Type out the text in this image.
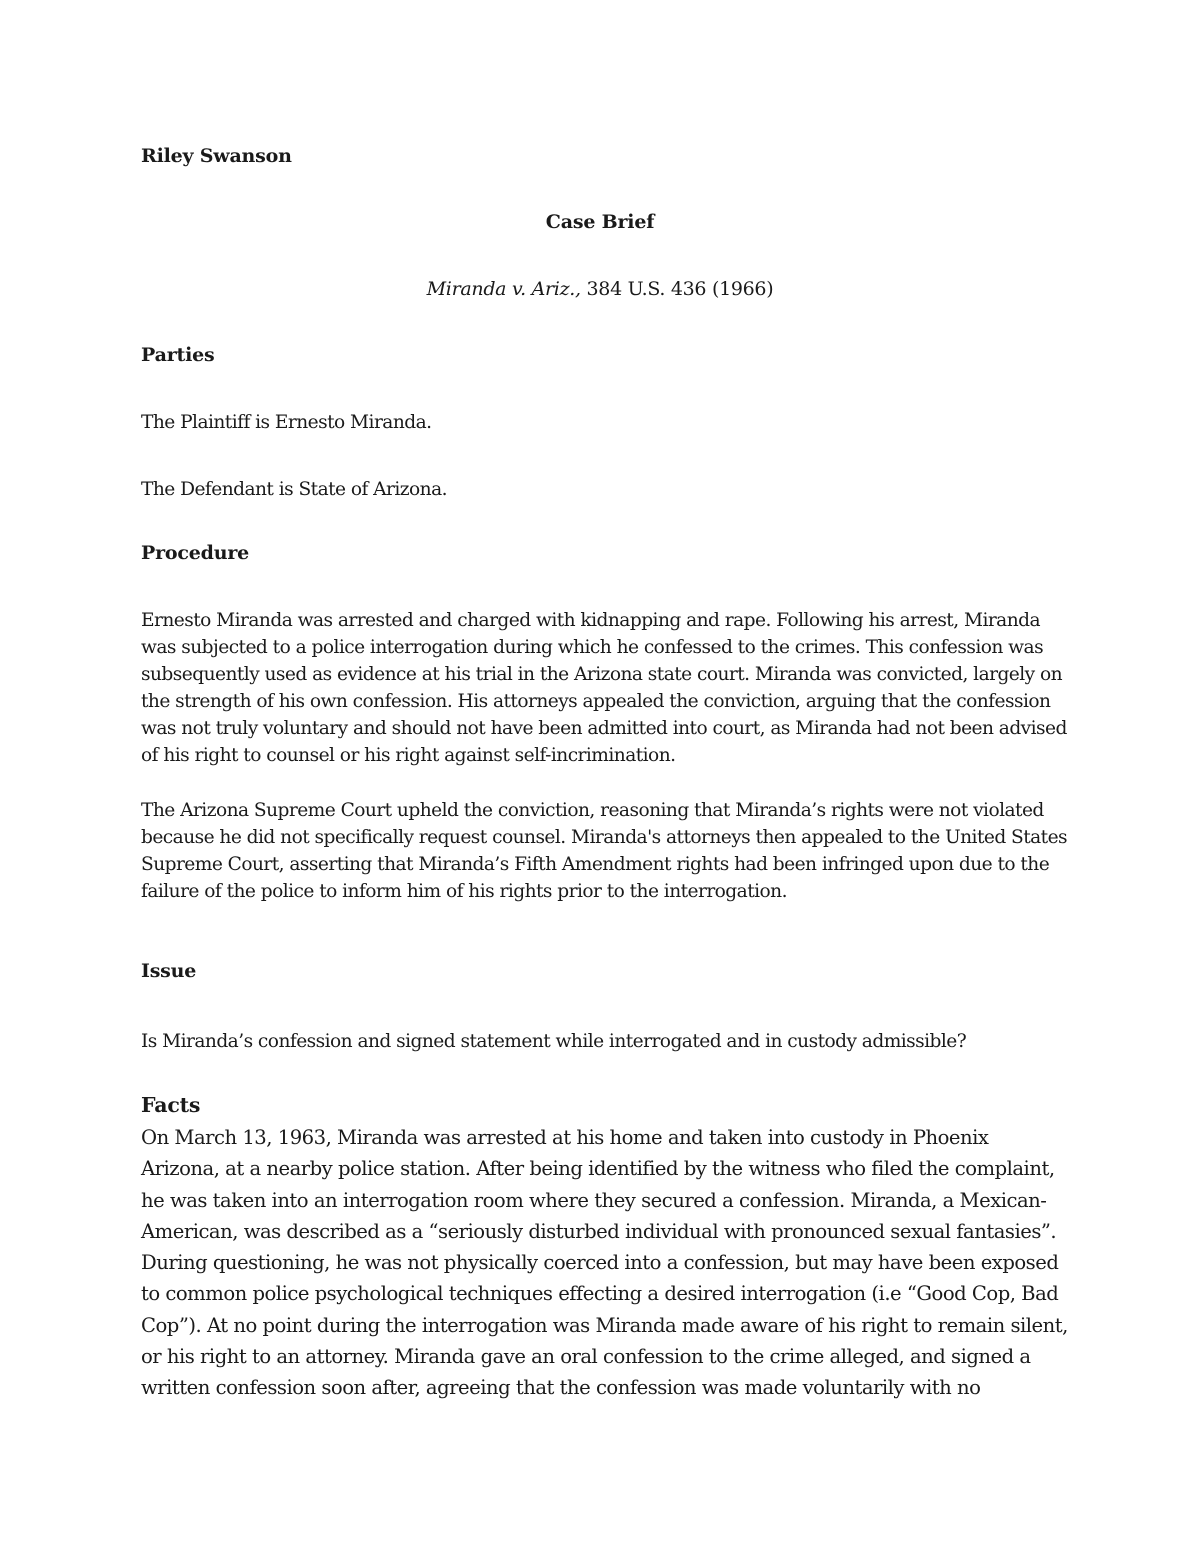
Riley Swanson

Case Brief

Miranda v. Ariz., 384 U.S. 436 (1966)

Parties

The Plaintiff is Ernesto Miranda.

The Defendant is State of Arizona.

Procedure

Ernesto Miranda was arrested and charged with kidnapping and rape. Following his arrest, Miranda was subjected to a police interrogation during which he confessed to the crimes. This confession was subsequently used as evidence at his trial in the Arizona state court. Miranda was convicted, largely on the strength of his own confession. His attorneys appealed the conviction, arguing that the confession was not truly voluntary and should not have been admitted into court, as Miranda had not been advised of his right to counsel or his right against self-incrimination.

The Arizona Supreme Court upheld the conviction, reasoning that Miranda’s rights were not violated because he did not specifically request counsel. Miranda's attorneys then appealed to the United States Supreme Court, asserting that Miranda’s Fifth Amendment rights had been infringed upon due to the failure of the police to inform him of his rights prior to the interrogation.

Issue

Is Miranda’s confession and signed statement while interrogated and in custody admissible?

Facts

On March 13, 1963, Miranda was arrested at his home and taken into custody in Phoenix Arizona, at a nearby police station. After being identified by the witness who filed the complaint, he was taken into an interrogation room where they secured a confession. Miranda, a Mexican-American, was described as a “seriously disturbed individual with pronounced sexual fantasies”. During questioning, he was not physically coerced into a confession, but may have been exposed to common police psychological techniques effecting a desired interrogation (i.e “Good Cop, Bad Cop”). At no point during the interrogation was Miranda made aware of his right to remain silent, or his right to an attorney. Miranda gave an oral confession to the crime alleged, and signed a written confession soon after, agreeing that the confession was made voluntarily with no
